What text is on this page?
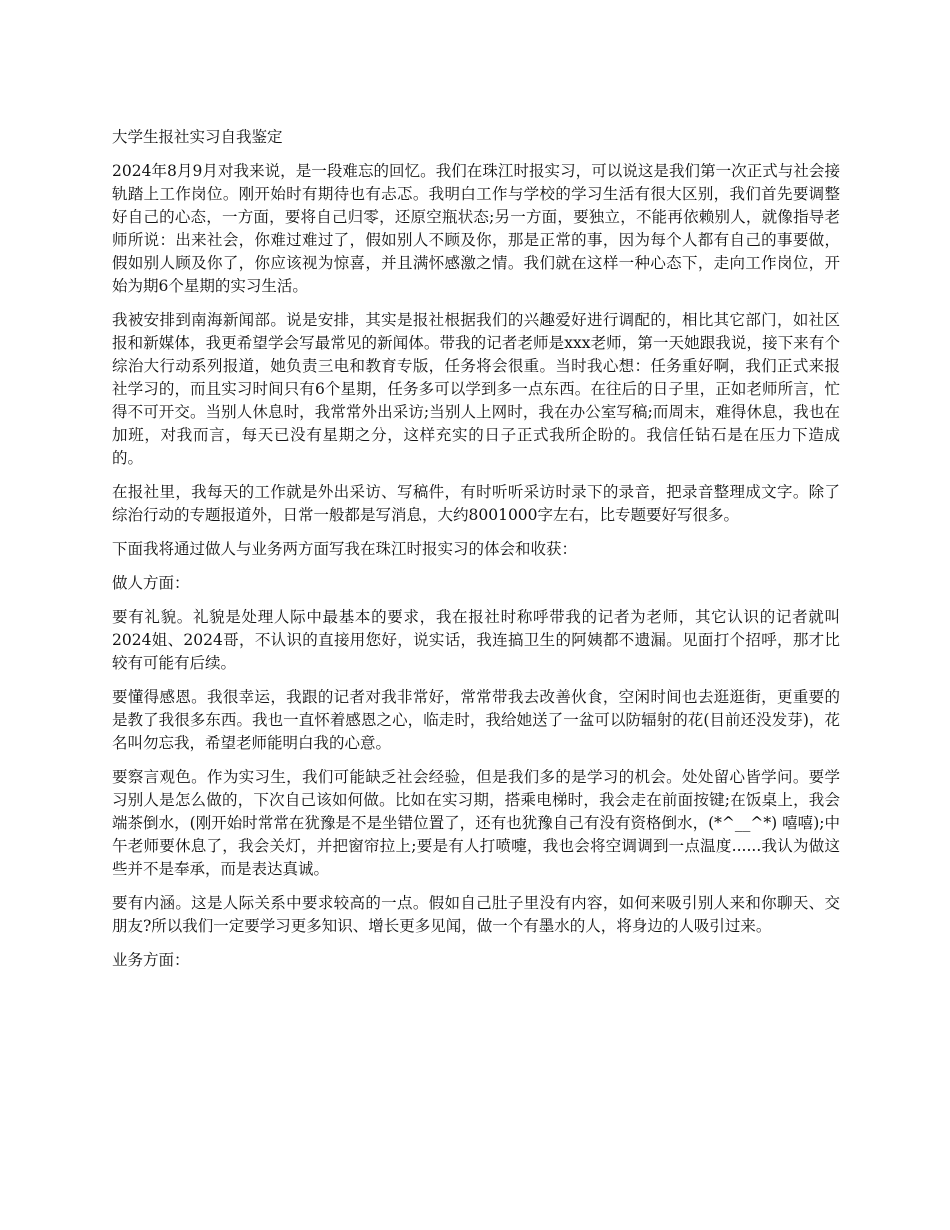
大学生报社实习自我鉴定

2024年8月9月对我来说，是一段难忘的回忆。我们在珠江时报实习，可以说这是我们第一次正式与社会接轨踏上工作岗位。刚开始时有期待也有忐忑。我明白工作与学校的学习生活有很大区别，我们首先要调整好自己的心态，一方面，要将自己归零，还原空瓶状态;另一方面，要独立，不能再依赖别人，就像指导老师所说：出来社会，你难过难过了，假如别人不顾及你，那是正常的事，因为每个人都有自己的事要做，假如别人顾及你了，你应该视为惊喜，并且满怀感激之情。我们就在这样一种心态下，走向工作岗位，开始为期6个星期的实习生活。

我被安排到南海新闻部。说是安排，其实是报社根据我们的兴趣爱好进行调配的，相比其它部门，如社区报和新媒体，我更希望学会写最常见的新闻体。带我的记者老师是xxx老师，第一天她跟我说，接下来有个综治大行动系列报道，她负责三电和教育专版，任务将会很重。当时我心想：任务重好啊，我们正式来报社学习的，而且实习时间只有6个星期，任务多可以学到多一点东西。在往后的日子里，正如老师所言，忙得不可开交。当别人休息时，我常常外出采访;当别人上网时，我在办公室写稿;而周末，难得休息，我也在加班，对我而言，每天已没有星期之分，这样充实的日子正式我所企盼的。我信任钻石是在压力下造成的。

在报社里，我每天的工作就是外出采访、写稿件，有时听听采访时录下的录音，把录音整理成文字。除了综治行动的专题报道外，日常一般都是写消息，大约8001000字左右，比专题要好写很多。

下面我将通过做人与业务两方面写我在珠江时报实习的体会和收获：

做人方面：

要有礼貌。礼貌是处理人际中最基本的要求，我在报社时称呼带我的记者为老师，其它认识的记者就叫2024姐、2024哥，不认识的直接用您好，说实话，我连搞卫生的阿姨都不遗漏。见面打个招呼，那才比较有可能有后续。

要懂得感恩。我很幸运，我跟的记者对我非常好，常常带我去改善伙食，空闲时间也去逛逛街，更重要的是教了我很多东西。我也一直怀着感恩之心，临走时，我给她送了一盆可以防辐射的花(目前还没发芽)，花名叫勿忘我，希望老师能明白我的心意。

要察言观色。作为实习生，我们可能缺乏社会经验，但是我们多的是学习的机会。处处留心皆学问。要学习别人是怎么做的，下次自己该如何做。比如在实习期，搭乘电梯时，我会走在前面按键;在饭桌上，我会端茶倒水，(刚开始时常常在犹豫是不是坐错位置了，还有也犹豫自己有没有资格倒水，(*^__^*) 嘻嘻);中午老师要休息了，我会关灯，并把窗帘拉上;要是有人打喷嚏，我也会将空调调到一点温度......我认为做这些并不是奉承，而是表达真诚。

要有内涵。这是人际关系中要求较高的一点。假如自己肚子里没有内容，如何来吸引别人来和你聊天、交朋友?所以我们一定要学习更多知识、增长更多见闻，做一个有墨水的人，将身边的人吸引过来。

业务方面：
